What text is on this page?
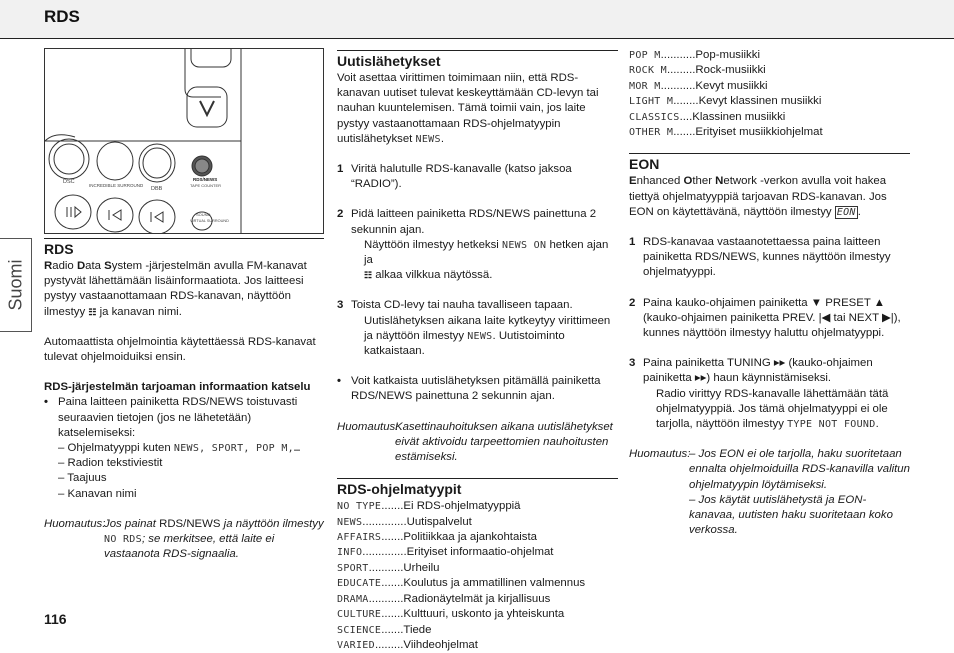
RDS
Suomi
DSC
INCREDIBLE SURROUND
DBB
RDS/NEWS
TAPE COUNTER
SOUND
VIRTUAL SURROUND
RDS

Radio Data System -järjestelmän avulla FM-kanavat pystyvät lähettämään lisäinformaatiota. Jos laitteesi pystyy vastaanottamaan RDS-kanavan, näyttöön ilmestyy ☷ ja kanavan nimi.

Automaattista ohjelmointia käytettäessä RDS-kanavat tulevat ohjelmoiduiksi ensin.

RDS-järjestelmän tarjoaman informaation katselu

• Paina laitteen painiketta RDS/NEWS toistuvasti seuraavien tietojen (jos ne lähetetään) katselemiseksi:

– Ohjelmatyyppi kuten NEWS, SPORT, POP M,…

– Radion tekstiviestit

– Taajuus

– Kanavan nimi

Huomautus:

Jos painat RDS/NEWS ja näyttöön ilmestyy NO RDS; se merkitsee, että laite ei vastaanota RDS-signaalia.

Uutislähetykset

Voit asettaa virittimen toimimaan niin, että RDS-kanavan uutiset tulevat keskeyttämään CD-levyn tai nauhan kuuntelemisen. Tämä toimii vain, jos laite pystyy vastaanottamaan RDS-ohjelmatyypin uutislähetykset NEWS.

1 Viritä halutulle RDS-kanavalle (katso jaksoa “RADIO”).
2 Pidä laitteen painiketta RDS/NEWS painettuna 2 sekunnin ajan.

Näyttöön ilmestyy hetkeksi NEWS ON hetken ajan ja
☷ alkaa vilkkua näytössä.

3 Toista CD-levy tai nauha tavalliseen tapaan.

Uutislähetyksen aikana laite kytkeytyy virittimeen ja näyttöön ilmestyy NEWS. Uutistoiminto katkaistaan.

• Voit katkaista uutislähetyksen pitämällä painiketta RDS/NEWS painettuna 2 sekunnin ajan.
Huomautus:

Kasettinauhoituksen aikana uutislähetykset eivät aktivoidu tarpeettomien nauhoitusten estämiseksi.

RDS-ohjelmatyypit
NO TYPE.......Ei RDS-ohjelmatyyppiä
NEWS..............Uutispalvelut
AFFAIRS.......Politiikkaa ja ajankohtaista
INFO..............Erityiset informaatio-ohjelmat
SPORT...........Urheilu
EDUCATE.......Koulutus ja ammatillinen valmennus
DRAMA...........Radionäytelmät ja kirjallisuus
CULTURE.......Kulttuuri, uskonto ja yhteiskunta
SCIENCE.......Tiede
VARIED.........Viihdeohjelmat
POP M...........Pop-musiikki
ROCK M.........Rock-musiikki
MOR M...........Kevyt musiikki
LIGHT M........Kevyt klassinen musiikki
CLASSICS....Klassinen musiikki
OTHER M.......Erityiset musiikkiohjelmat
EON

Enhanced Other Network -verkon avulla voit hakea tiettyä ohjelmatyyppiä tarjoavan RDS-kanavan. Jos EON on käytettävänä, näyttöön ilmestyy EON .

1 RDS-kanavaa vastaanotettaessa paina laitteen painiketta RDS/NEWS, kunnes näyttöön ilmestyy ohjelmatyyppi.
2 Paina kauko-ohjaimen painiketta ▼ PRESET ▲ (kauko-ohjaimen painiketta PREV. |◀ tai NEXT ▶|), kunnes näyttöön ilmestyy haluttu ohjelmatyyppi.
3 Paina painiketta TUNING ▸▸ (kauko-ohjaimen painiketta ▸▸) haun käynnistämiseksi.

Radio virittyy RDS-kanavalle lähettämään tätä ohjelmatyyppiä. Jos tämä ohjelmatyyppi ei ole tarjolla, näyttöön ilmestyy TYPE NOT FOUND.

Huomautus:

– Jos EON ei ole tarjolla, haku suoritetaan ennalta ohjelmoiduilla RDS-kanavilla valitun ohjelmatyypin löytämiseksi.

– Jos käytät uutislähetystä ja EON-kanavaa, uutisten haku suoritetaan koko verkossa.

116
